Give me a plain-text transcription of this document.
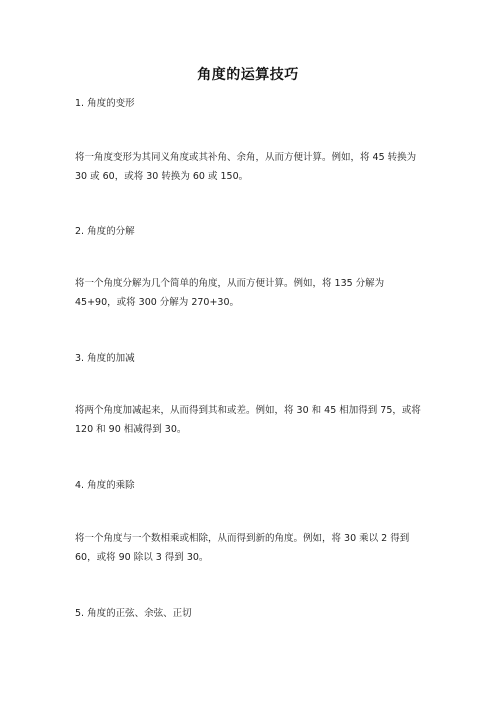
角度的运算技巧
1. 角度的变形
将一角度变形为其同义角度或其补角、余角，从而方便计算。例如，将 45 转换为 30 或 60，或将 30 转换为 60 或 150。
2. 角度的分解
将一个角度分解为几个简单的角度，从而方便计算。例如，将 135 分解为 45+90，或将 300 分解为 270+30。
3. 角度的加减
将两个角度加减起来，从而得到其和或差。例如，将 30 和 45 相加得到 75，或将 120 和 90 相减得到 30。
4. 角度的乘除
将一个角度与一个数相乘或相除，从而得到新的角度。例如，将 30 乘以 2 得到 60，或将 90 除以 3 得到 30。
5. 角度的正弦、余弦、正切
